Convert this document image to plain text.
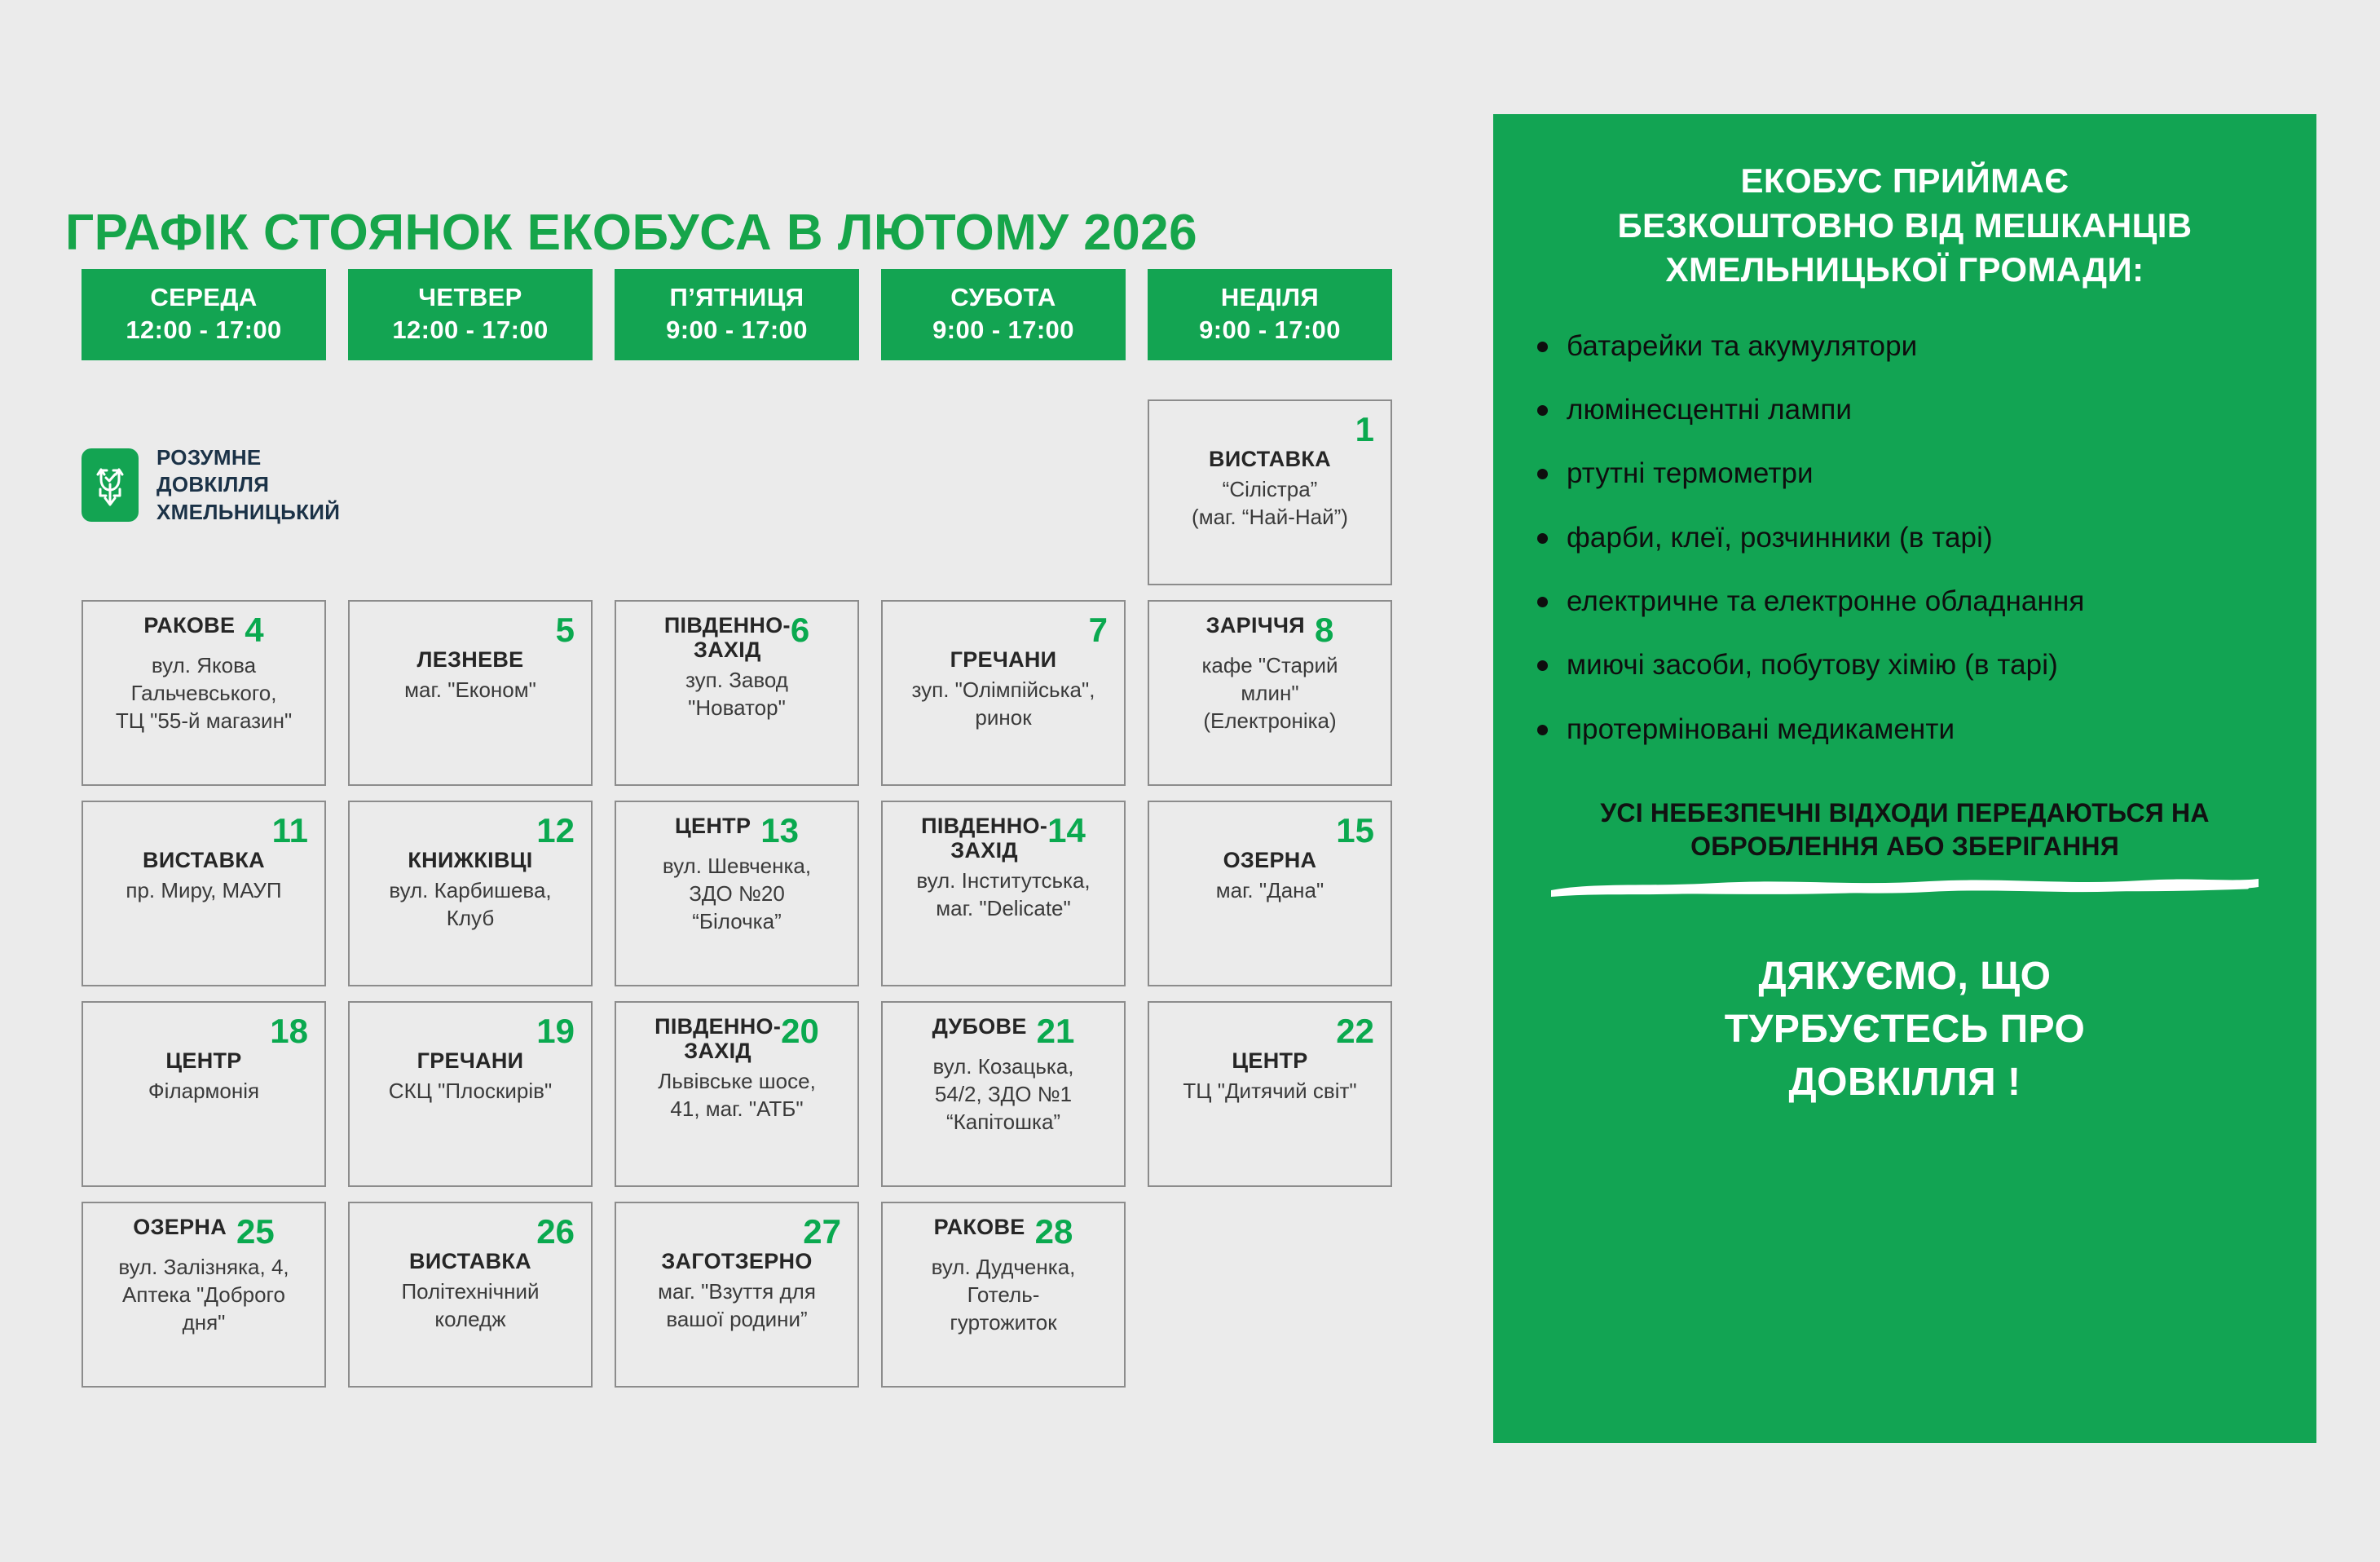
ГРАФІК СТОЯНОК ЕКОБУСА В ЛЮТОМУ 2026
СЕРЕДА
12:00 - 17:00
ЧЕТВЕР
12:00 - 17:00
П’ЯТНИЦЯ
9:00 - 17:00
СУБОТА
9:00 - 17:00
НЕДІЛЯ
9:00 - 17:00
РОЗУМНЕ
ДОВКІЛЛЯ
ХМЕЛЬНИЦЬКИЙ
1
ВИСТАВКА
“Сілістра”
(маг. “Най-Най”)
РАКОВЕ 4
вул. Якова
Гальчевського,
ТЦ "55-й магазин"
5
ЛЕЗНЕВЕ
маг. "Економ"
ПІВДЕННО-
ЗАХІД
6
зуп. Завод
"Новатор"
7
ГРЕЧАНИ
зуп. "Олімпійська",
ринок
ЗАРІЧЧЯ 8
кафе "Старий
млин"
(Електроніка)
11
ВИСТАВКА
пр. Миру, МАУП
12
КНИЖКІВЦІ
вул. Карбишева,
Клуб
ЦЕНТР 13
вул. Шевченка,
ЗДО №20
“Білочка”
ПІВДЕННО-
ЗАХІД
14
вул. Інститутська,
маг. "Delicate"
15
ОЗЕРНА
маг. "Дана"
18
ЦЕНТР
Філармонія
19
ГРЕЧАНИ
СКЦ "Плоскирів"
ПІВДЕННО-
ЗАХІД
20
Львівське шосе,
41, маг. "АТБ"
ДУБОВЕ 21
вул. Козацька,
54/2, ЗДО №1
“Капітошка”
22
ЦЕНТР
ТЦ "Дитячий світ"
ОЗЕРНА 25
вул. Залізняка, 4,
Аптека "Доброго
дня"
26
ВИСТАВКА
Політехнічний
коледж
27
ЗАГОТЗЕРНО
маг. "Взуття для
вашої родини”
РАКОВЕ 28
вул. Дудченка,
Готель-
гуртожиток
ЕКОБУС ПРИЙМАЄ
БЕЗКОШТОВНО ВІД МЕШКАНЦІВ
ХМЕЛЬНИЦЬКОЇ ГРОМАДИ:
батарейки та акумулятори
люмінесцентні лампи
ртутні термометри
фарби, клеї, розчинники (в тарі)
електричне та електронне обладнання
миючі засоби, побутову хімію (в тарі)
протерміновані медикаменти
УСІ НЕБЕЗПЕЧНІ ВІДХОДИ ПЕРЕДАЮТЬСЯ НА
ОБРОБЛЕННЯ АБО ЗБЕРІГАННЯ
ДЯКУЄМО, ЩО
ТУРБУЄТЕСЬ ПРО
ДОВКІЛЛЯ !
